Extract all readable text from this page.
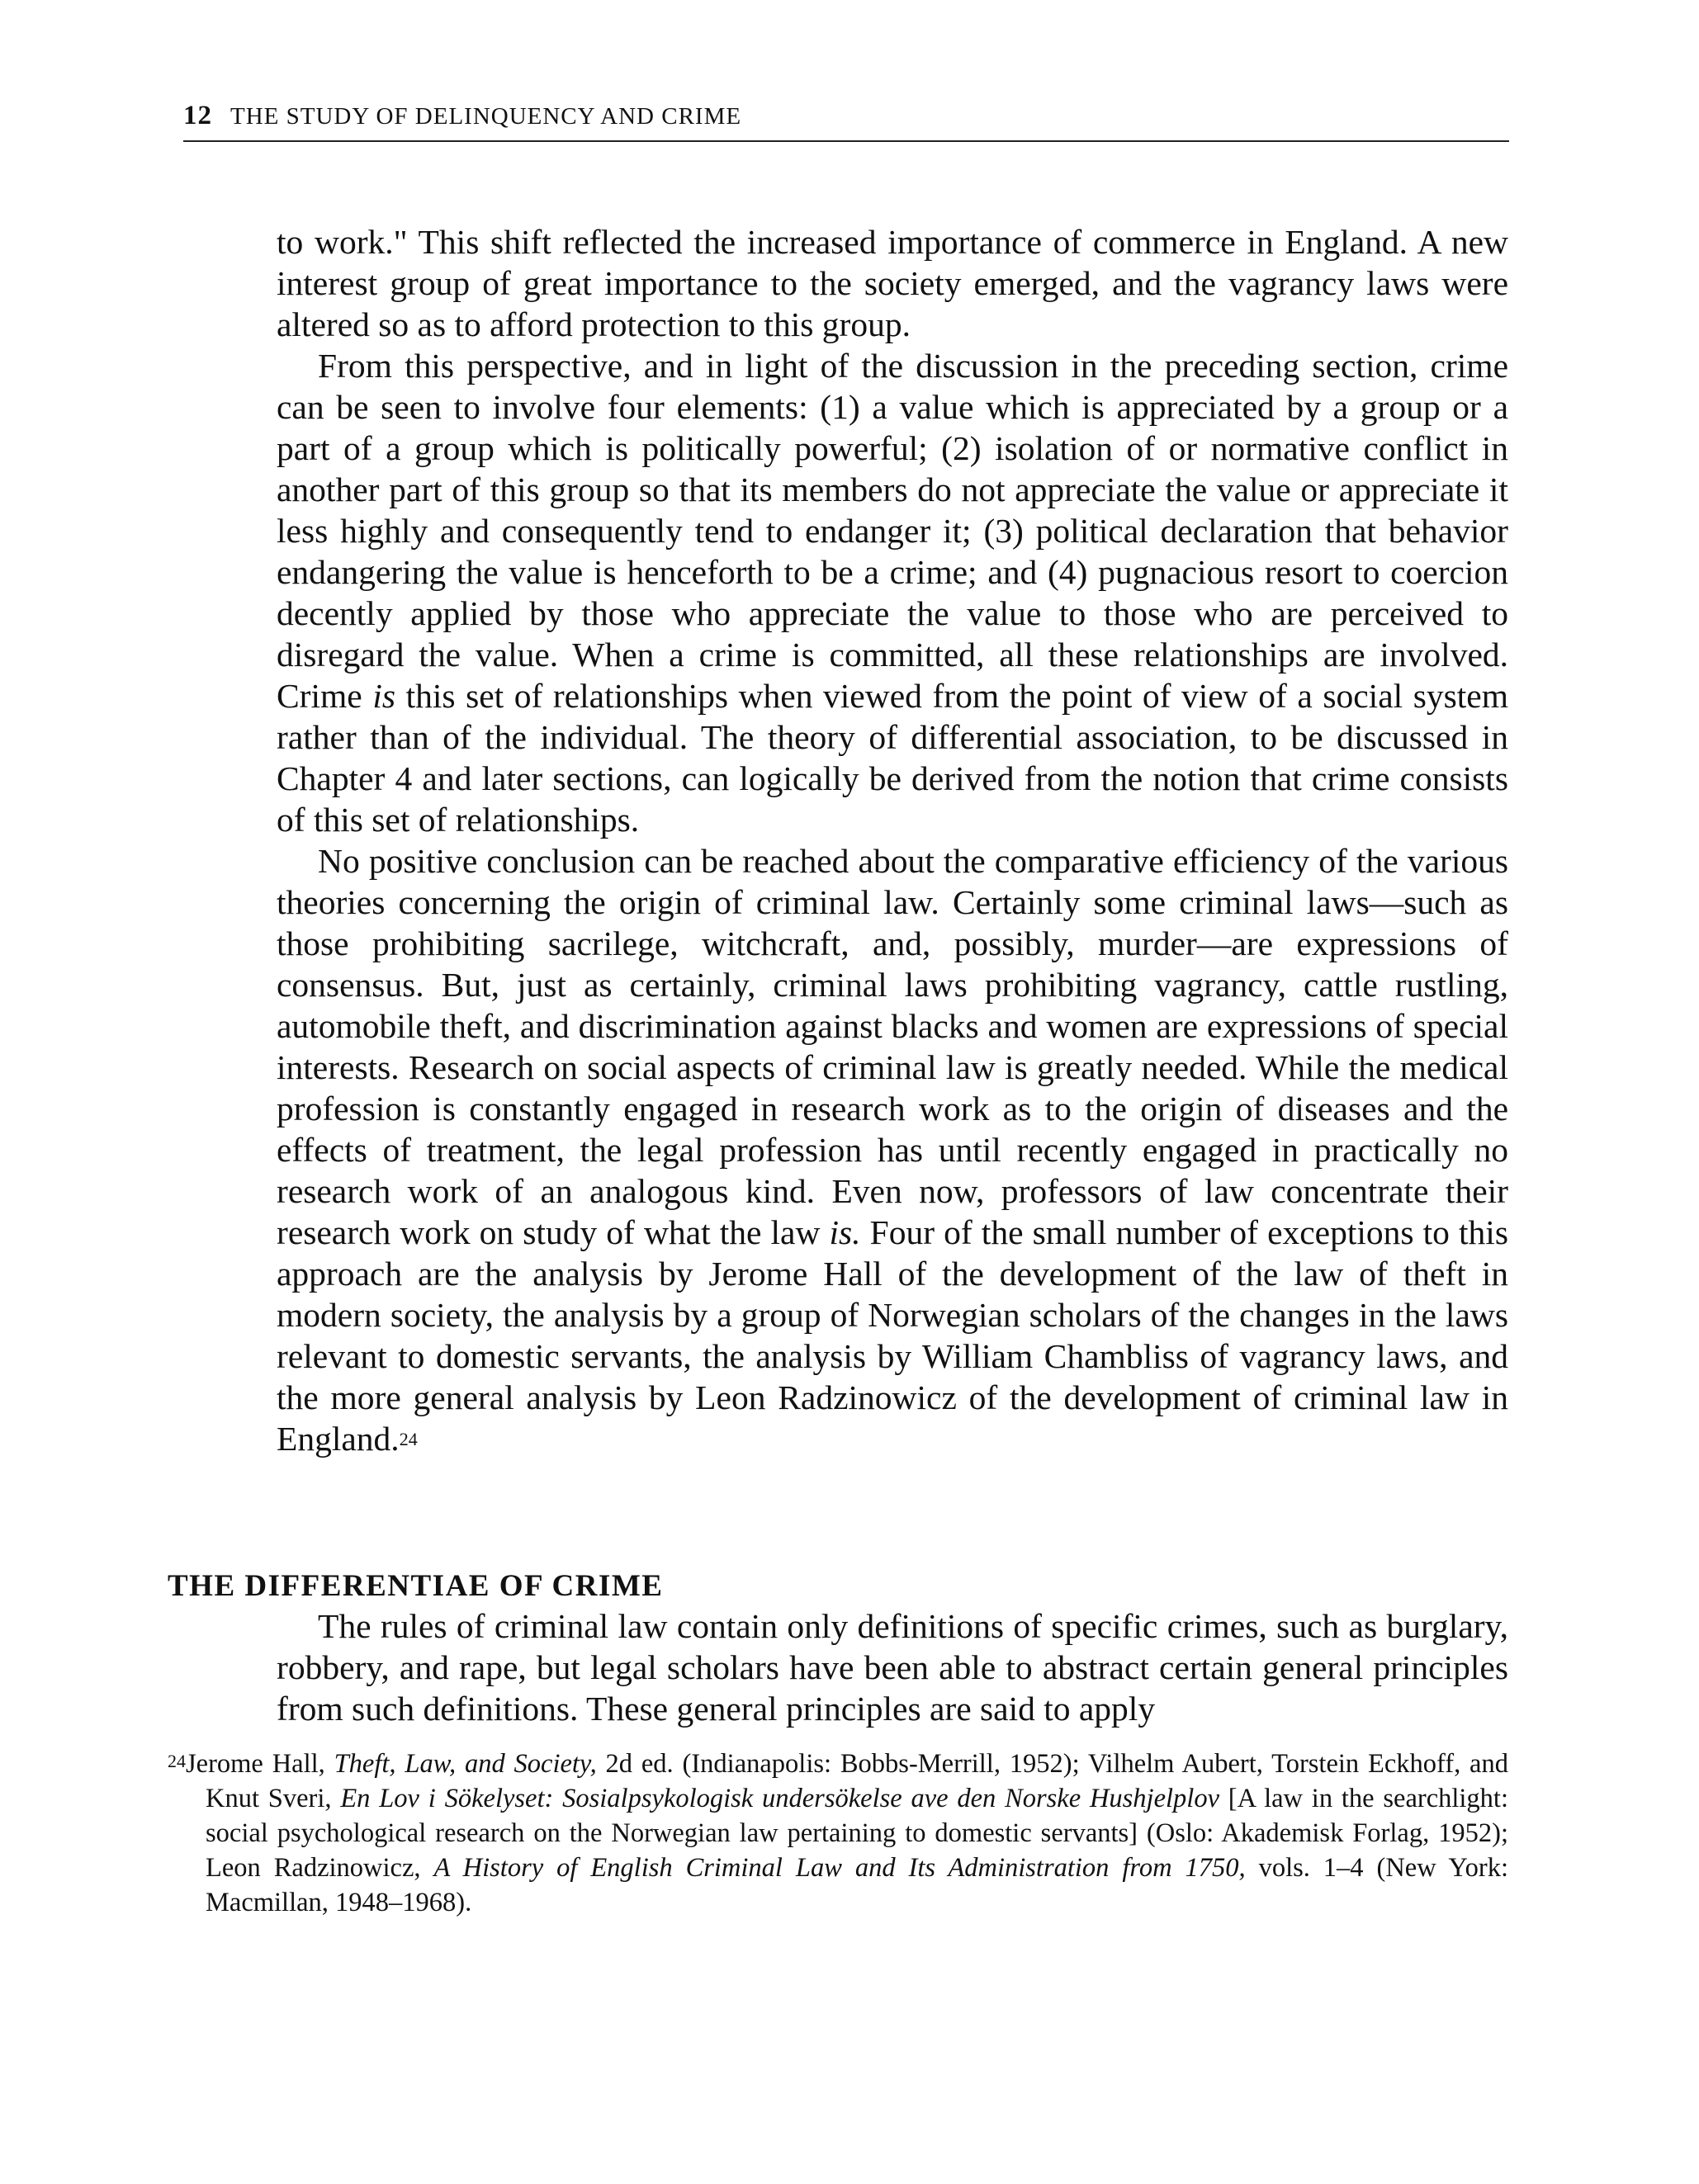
12 THE STUDY OF DELINQUENCY AND CRIME

to work." This shift reflected the increased importance of commerce in England. A new interest group of great importance to the society emerged, and the vagrancy laws were altered so as to afford protection to this group.

From this perspective, and in light of the discussion in the preceding section, crime can be seen to involve four elements: (1) a value which is appreciated by a group or a part of a group which is politically powerful; (2) isolation of or normative conflict in another part of this group so that its members do not appreciate the value or appreciate it less highly and consequently tend to endanger it; (3) political declaration that behavior endangering the value is henceforth to be a crime; and (4) pugnacious resort to coercion decently applied by those who appreciate the value to those who are perceived to disregard the value. When a crime is committed, all these relationships are involved. Crime is this set of relationships when viewed from the point of view of a social system rather than of the individual. The theory of differential association, to be discussed in Chapter 4 and later sections, can logically be derived from the notion that crime consists of this set of relationships.

No positive conclusion can be reached about the comparative efficiency of the various theories concerning the origin of criminal law. Certainly some criminal laws—such as those prohibiting sacrilege, witchcraft, and, possibly, murder—are expressions of consensus. But, just as certainly, criminal laws prohibiting vagrancy, cattle rustling, automobile theft, and discrimination against blacks and women are expressions of special interests. Research on social aspects of criminal law is greatly needed. While the medical profession is constantly engaged in research work as to the origin of diseases and the effects of treatment, the legal profession has until recently engaged in practically no research work of an analogous kind. Even now, professors of law concentrate their research work on study of what the law is. Four of the small number of exceptions to this approach are the analysis by Jerome Hall of the development of the law of theft in modern society, the analysis by a group of Norwegian scholars of the changes in the laws relevant to domestic servants, the analysis by William Chambliss of vagrancy laws, and the more general analysis by Leon Radzinowicz of the development of criminal law in England.$^{24}$

THE DIFFERENTIAE OF CRIME

The rules of criminal law contain only definitions of specific crimes, such as burglary, robbery, and rape, but legal scholars have been able to abstract certain general principles from such definitions. These general principles are said to apply

$^{24}$Jerome Hall, Theft, Law, and Society, 2d ed. (Indianapolis: Bobbs-Merrill, 1952); Vilhelm Aubert, Torstein Eckhoff, and Knut Sveri, En Lov i Sökelyset: Sosialpsykologisk undersökelse ave den Norske Hushjelplov [A law in the searchlight: social psychological research on the Norwegian law pertaining to domestic servants] (Oslo: Akademisk Forlag, 1952); Leon Radzinowicz, A History of English Criminal Law and Its Administration from 1750, vols. 1–4 (New York: Macmillan, 1948–1968).
